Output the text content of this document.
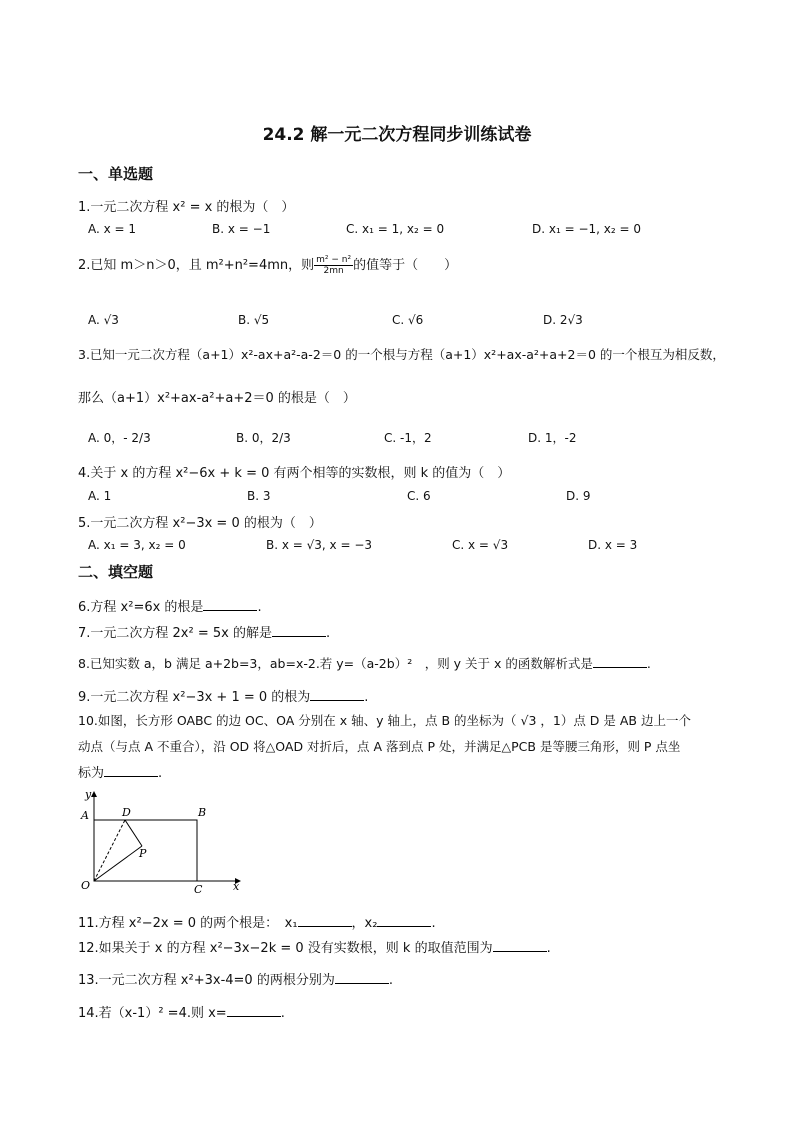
24.2 解一元二次方程同步训练试卷
一、单选题
1.一元二次方程 x² = x 的根为（　）
A. x = 1	B. x = −1	C. x₁ = 1, x₂ = 0	D. x₁ = −1, x₂ = 0
2.已知 m＞n＞0，且 m²+n²=4mn，则 $\frac{\text{m² − n²}}{2mn}$ 的值等于（　　）
A. √3	B. √5	C. √6	D. 2√3
3.已知一元二次方程（a+1）x²-ax+a²-a-2＝0 的一个根与方程（a+1）x²+ax-a²+a+2＝0 的一个根互为相反数，
那么（a+1）x²+ax-a²+a+2＝0 的根是（　）
A. 0，- 2/3	B. 0，2/3	C. -1，2	D. 1，-2
4.关于 x 的方程 x²−6x + k = 0 有两个相等的实数根，则 k 的值为（　）
A. 1	B. 3	C. 6	D. 9
5.一元二次方程 x²−3x = 0 的根为（　）
A. x₁ = 3, x₂ = 0	B. x = √3, x = −3	C. x = √3	D. x = 3
二、填空题
6.方程 x²=6x 的根是	.
7.一元二次方程 2x² = 5x 的解是	.
8.已知实数 a，b 满足 a+2b=3，ab=x-2.若 y=（a-2b）²　，则 y 关于 x 的函数解析式是	.
9.一元二次方程 x²−3x + 1 = 0 的根为	.
10.如图，长方形 OABC 的边 OC、OA 分别在 x 轴、y 轴上，点 B 的坐标为（ √3 ，1）点 D 是 AB 边上一个
动点（与点 A 不重合），沿 OD 将△OAD 对折后，点 A 落到点 P 处，并满足△PCB 是等腰三角形，则 P 点坐
标为	.
y
A	D	B
P
O	C	x
11.方程 x²−2x = 0 的两个根是：　x₁	，x₂	.
12.如果关于 x 的方程 x²−3x−2k = 0 没有实数根，则 k 的取值范围为	.
13.一元二次方程 x²+3x-4=0 的两根分别为	.
14.若（x-1）² =4.则 x=	.
